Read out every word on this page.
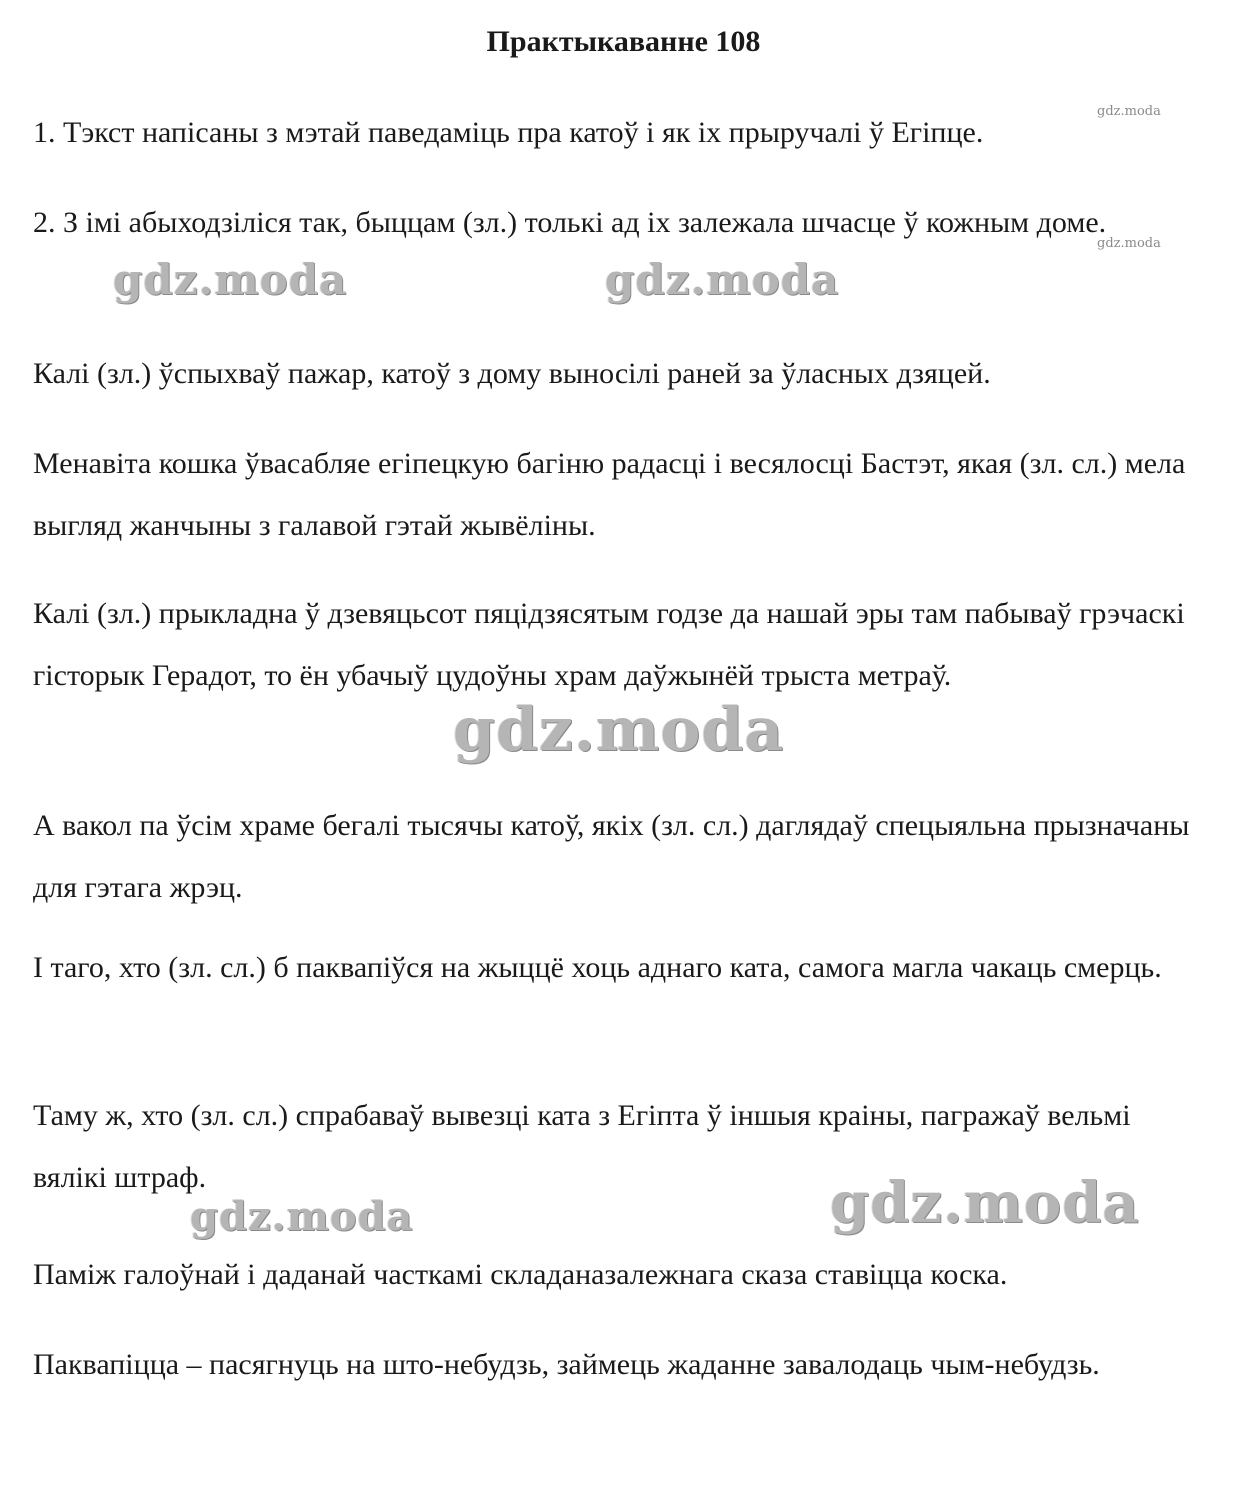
Практыкаванне 108

1. Тэкст напісаны з мэтай паведаміць пра катоў і як іх прыручалі ў Егіпце.

2. З імі абыходзіліся так, быццам (зл.) толькі ад іх залежала шчасце ў кожным доме.

Калі (зл.) ўспыхваў пажар, катоў з дому выносілі раней за ўласных дзяцей.

Менавіта кошка ўвасабляе егіпецкую багіню радасці і весялосці Бастэт, якая (зл. сл.) мела выгляд жанчыны з галавой гэтай жывёліны.

Калі (зл.) прыкладна ў дзевяцьсот пяцідзясятым годзе да нашай эры там пабываў грэчаскі гісторык Герадот, то ён убачыў цудоўны храм даўжынёй трыста метраў.

А вакол па ўсім храме бегалі тысячы катоў, якіх (зл. сл.) даглядаў спецыяльна прызначаны для гэтага жрэц.

І таго, хто (зл. сл.) б паквапіўся на жыццё хоць аднаго ката, самога магла чакаць смерць.

Таму ж, хто (зл. сл.) спрабаваў вывезці ката з Егіпта ў іншыя краіны, пагражаў вельмі вялікі штраф.

Паміж галоўнай і даданай часткамі складаназалежнага сказа ставіцца коска.

Паквапіцца – пасягнуць на што-небудзь, займець жаданне завалодаць чым-небудзь.

gdz.moda
gdz.moda
gdz.moda	gdz.moda
gdz.moda
gdz.moda
gdz.moda
